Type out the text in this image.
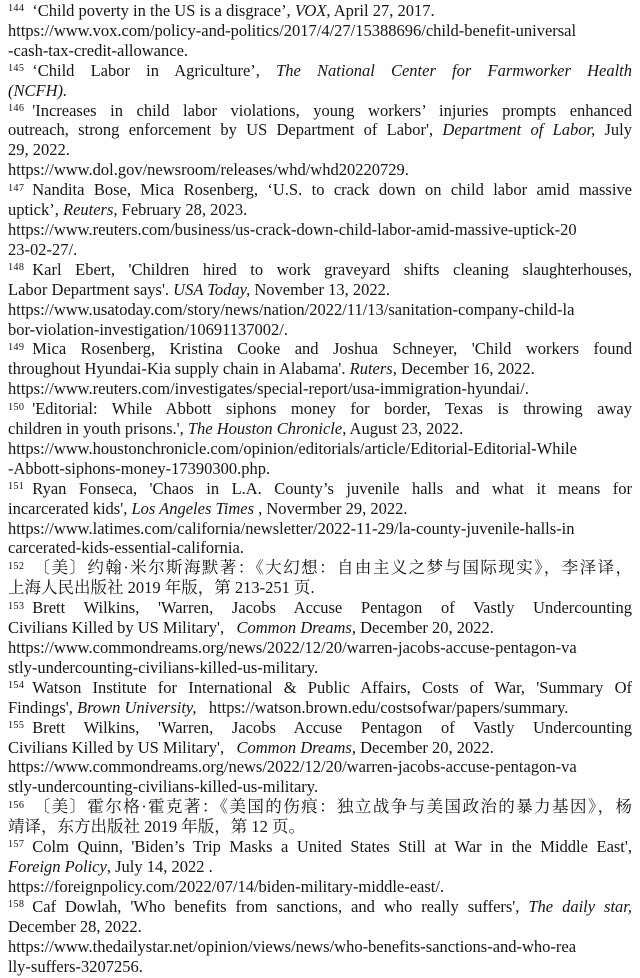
$^{144}$ ‘Child poverty in the US is a disgrace’, VOX, April 27, 2017.
https://www.vox.com/policy-and-politics/2017/4/27/15388696/child-benefit-universal
-cash-tax-credit-allowance.
$^{145}$ ‘Child Labor in Agriculture’, The National Center for Farmworker Health
(NCFH).
$^{146}$ 'Increases in child labor violations, young workers’ injuries prompts enhanced
outreach, strong enforcement by US Department of Labor', Department of Labor, July
29, 2022.
https://www.dol.gov/newsroom/releases/whd/whd20220729.
$^{147}$ Nandita Bose, Mica Rosenberg, ‘U.S. to crack down on child labor amid massive
uptick’, Reuters, February 28, 2023.
https://www.reuters.com/business/us-crack-down-child-labor-amid-massive-uptick-20
23-02-27/.
$^{148}$ Karl Ebert, 'Children hired to work graveyard shifts cleaning slaughterhouses,
Labor Department says'. USA Today, November 13, 2022.
https://www.usatoday.com/story/news/nation/2022/11/13/sanitation-company-child-la
bor-violation-investigation/10691137002/.
$^{149}$ Mica Rosenberg, Kristina Cooke and Joshua Schneyer, 'Child workers found
throughout Hyundai-Kia supply chain in Alabama'. Ruters, December 16, 2022.
https://www.reuters.com/investigates/special-report/usa-immigration-hyundai/.
$^{150}$ 'Editorial: While Abbott siphons money for border, Texas is throwing away
children in youth prisons.', The Houston Chronicle, August 23, 2022.
https://www.houstonchronicle.com/opinion/editorials/article/Editorial-Editorial-While
-Abbott-siphons-money-17390300.php.
$^{151}$ Ryan Fonseca, 'Chaos in L.A. County’s juvenile halls and what it means for
incarcerated kids', Los Angeles Times , Novermber 29, 2022.
https://www.latimes.com/california/newsletter/2022-11-29/la-county-juvenile-halls-in
carcerated-kids-essential-california.
$^{152}$ 〔美〕约翰·米尔斯海默著：《大幻想：自由主义之梦与国际现实》，李泽译，
上海人民出版社 2019 年版，第 213-251 页.
$^{153}$ Brett Wilkins, 'Warren, Jacobs Accuse Pentagon of Vastly Undercounting
Civilians Killed by US Military',   Common Dreams, December 20, 2022.
https://www.commondreams.org/news/2022/12/20/warren-jacobs-accuse-pentagon-va
stly-undercounting-civilians-killed-us-military.
$^{154}$ Watson Institute for International & Public Affairs, Costs of War, 'Summary Of
Findings', Brown University,   https://watson.brown.edu/costsofwar/papers/summary.
$^{155}$ Brett Wilkins, 'Warren, Jacobs Accuse Pentagon of Vastly Undercounting
Civilians Killed by US Military',   Common Dreams, December 20, 2022.
https://www.commondreams.org/news/2022/12/20/warren-jacobs-accuse-pentagon-va
stly-undercounting-civilians-killed-us-military.
$^{156}$ 〔美〕霍尔格·霍克著：《美国的伤痕：独立战争与美国政治的暴力基因》，杨
靖译，东方出版社 2019 年版，第 12 页。
$^{157}$ Colm Quinn, 'Biden’s Trip Masks a United States Still at War in the Middle East',
Foreign Policy, July 14, 2022 .
https://foreignpolicy.com/2022/07/14/biden-military-middle-east/.
$^{158}$ Caf Dowlah, 'Who benefits from sanctions, and who really suffers', The daily star,
December 28, 2022.
https://www.thedailystar.net/opinion/views/news/who-benefits-sanctions-and-who-rea
lly-suffers-3207256.
